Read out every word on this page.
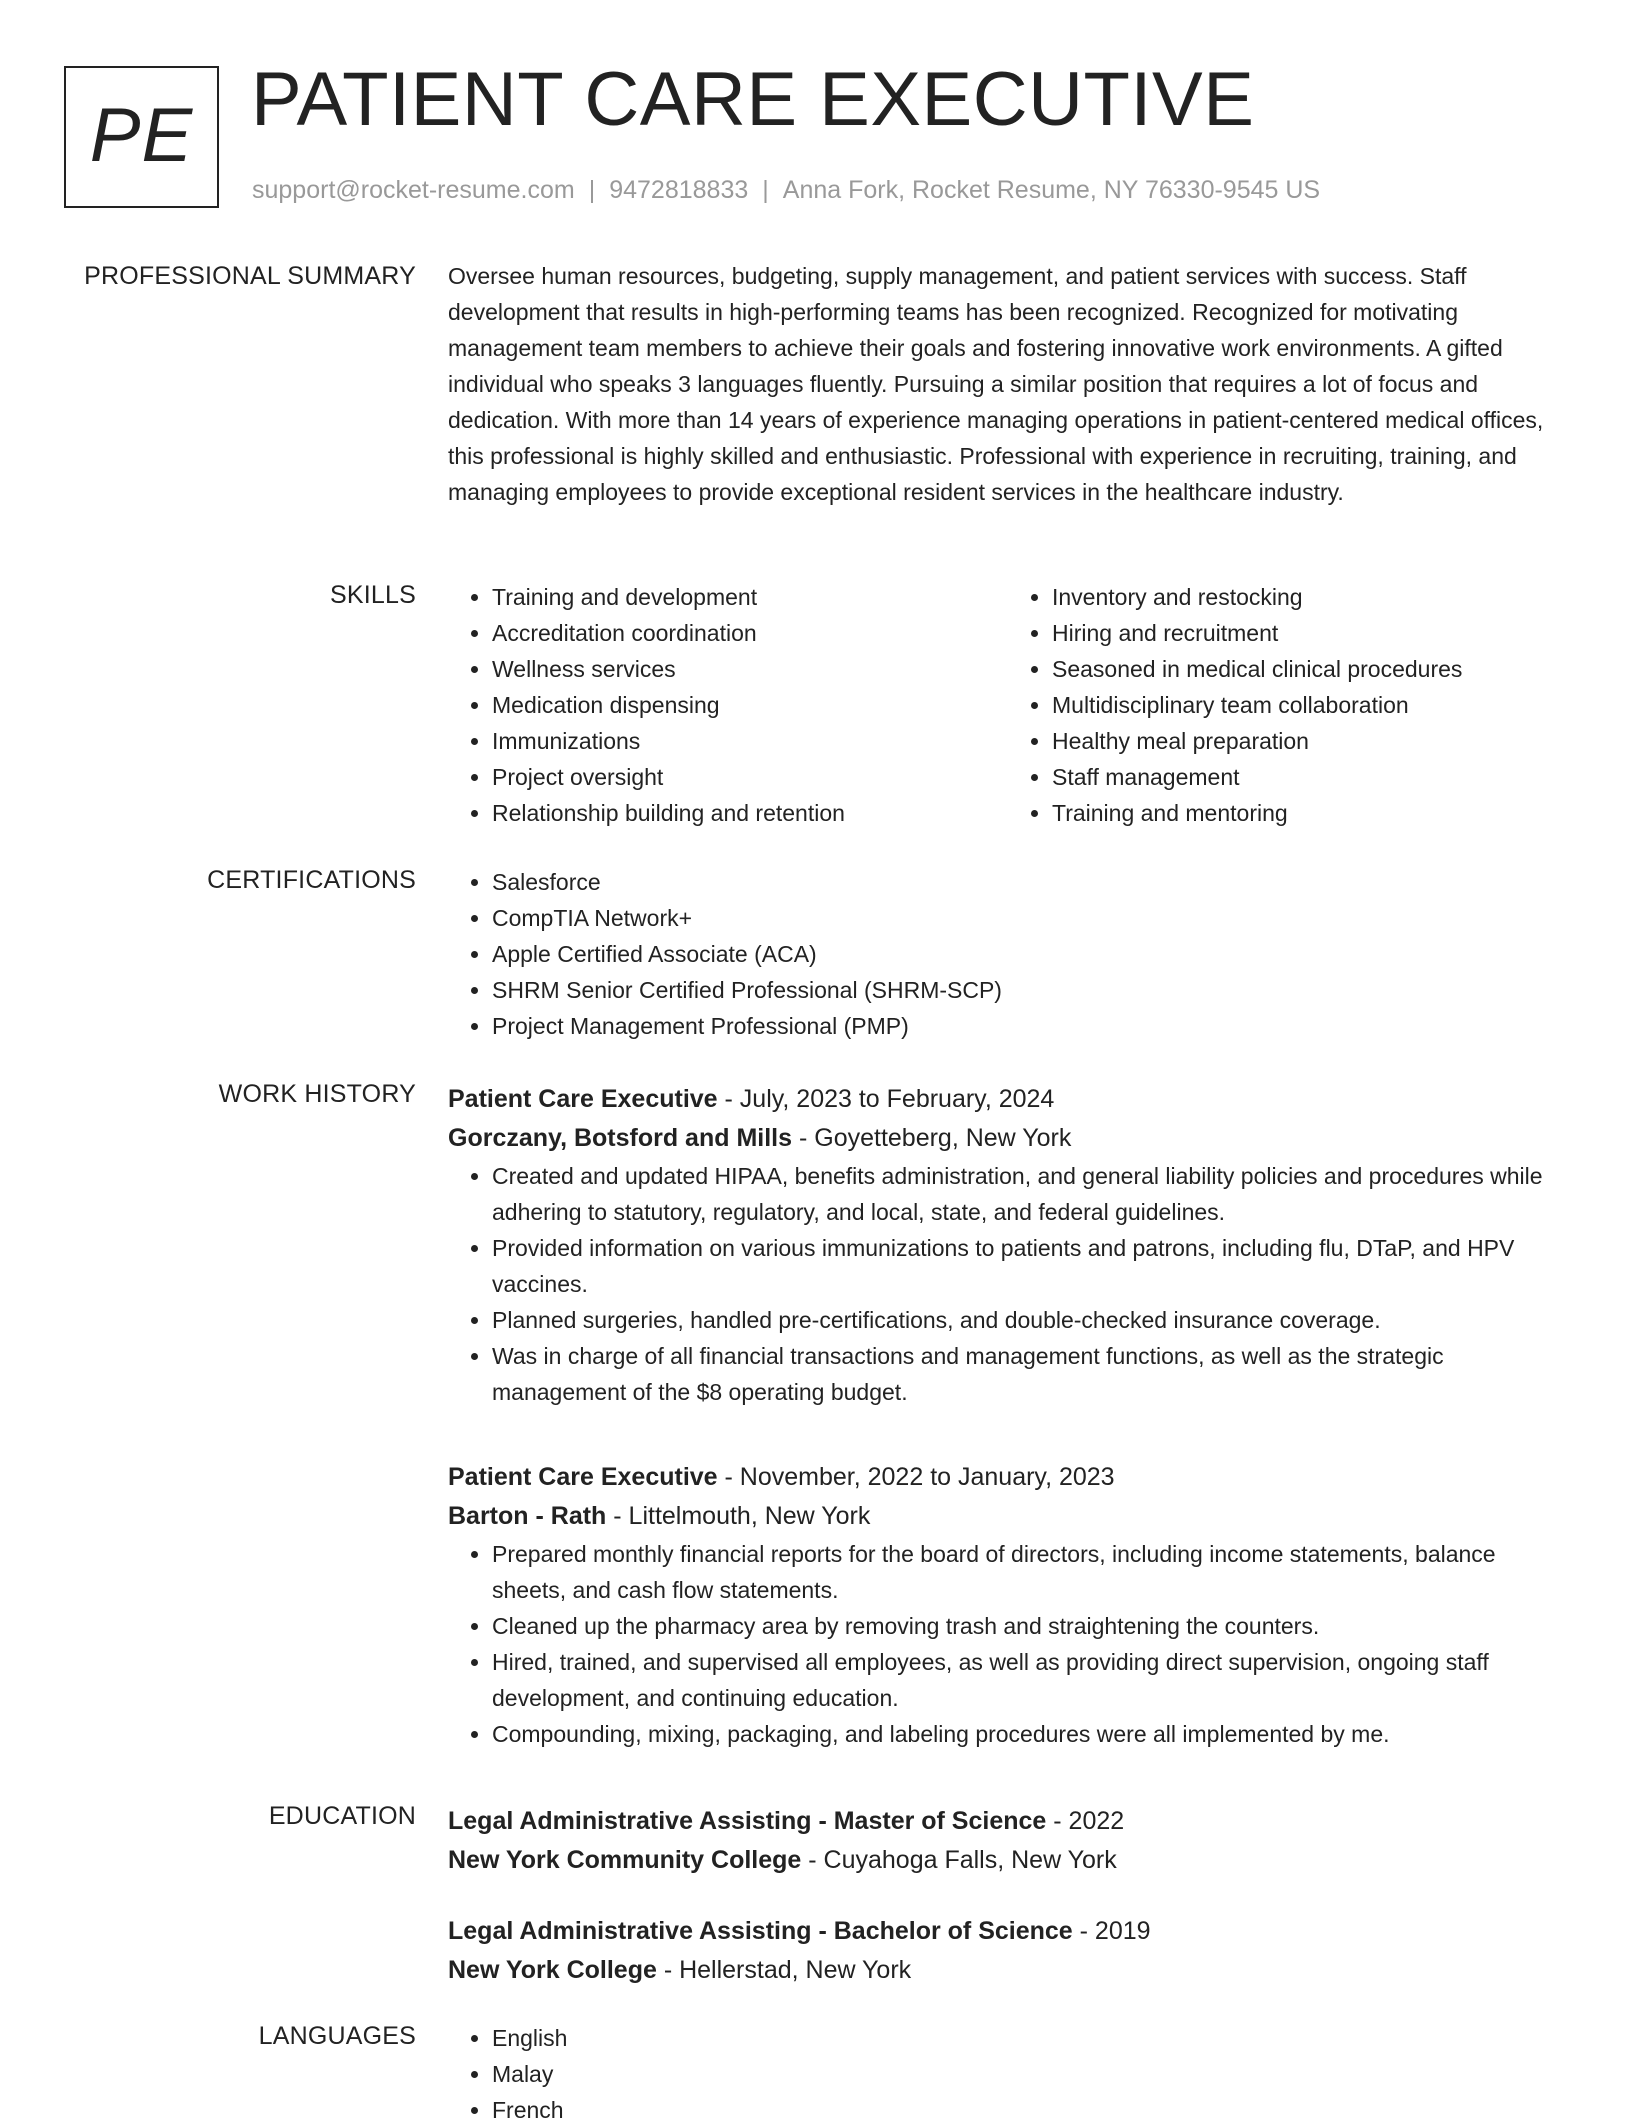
PE PATIENT CARE EXECUTIVE
support@rocket-resume.com | 9472818833 | Anna Fork, Rocket Resume, NY 76330-9545 US
PROFESSIONAL SUMMARY Oversee human resources, budgeting, supply management, and patient services with success. Staff development that results in high-performing teams has been recognized. Recognized for motivating management team members to achieve their goals and fostering innovative work environments. A gifted individual who speaks 3 languages fluently. Pursuing a similar position that requires a lot of focus and dedication. With more than 14 years of experience managing operations in patient-centered medical offices, this professional is highly skilled and enthusiastic. Professional with experience in recruiting, training, and managing employees to provide exceptional resident services in the healthcare industry.

SKILLS	• Training and development
• Accreditation coordination
• Wellness services
• Medication dispensing
• Immunizations
• Project oversight
• Relationship building and retention
• Inventory and restocking
• Hiring and recruitment
• Seasoned in medical clinical procedures
• Multidisciplinary team collaboration
• Healthy meal preparation
• Staff management
• Training and mentoring
CERTIFICATIONS	• Salesforce
• CompTIA Network+
• Apple Certified Associate (ACA)
• SHRM Senior Certified Professional (SHRM-SCP)
• Project Management Professional (PMP)
WORK HISTORY Patient Care Executive - July, 2023 to February, 2024
Gorczany, Botsford and Mills - Goyetteberg, New York
• Created and updated HIPAA, benefits administration, and general liability policies and procedures while adhering to statutory, regulatory, and local, state, and federal guidelines.
• Provided information on various immunizations to patients and patrons, including flu, DTaP, and HPV vaccines.
• Planned surgeries, handled pre-certifications, and double-checked insurance coverage.
• Was in charge of all financial transactions and management functions, as well as the strategic management of the $8 operating budget.
Patient Care Executive - November, 2022 to January, 2023
Barton - Rath - Littelmouth, New York
• Prepared monthly financial reports for the board of directors, including income statements, balance sheets, and cash flow statements.
• Cleaned up the pharmacy area by removing trash and straightening the counters.
• Hired, trained, and supervised all employees, as well as providing direct supervision, ongoing staff development, and continuing education.
• Compounding, mixing, packaging, and labeling procedures were all implemented by me.
EDUCATION Legal Administrative Assisting - Master of Science - 2022
New York Community College - Cuyahoga Falls, New York
Legal Administrative Assisting - Bachelor of Science - 2019
New York College - Hellerstad, New York
LANGUAGES	• English
• Malay
• French
